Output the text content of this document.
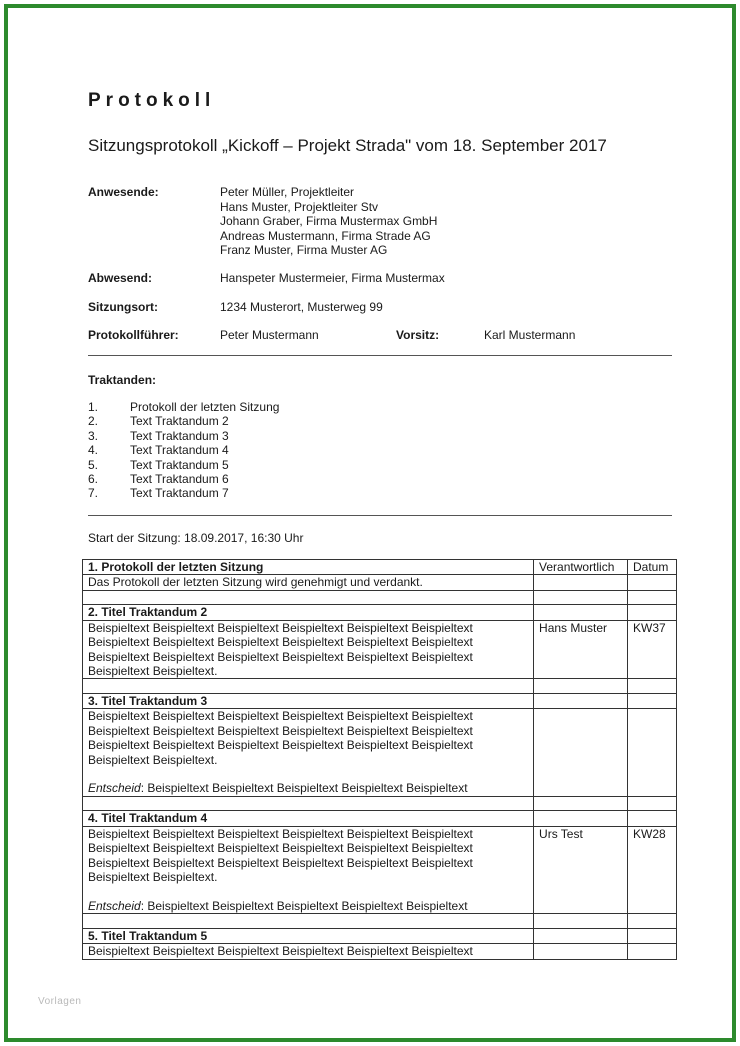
Protokoll
Sitzungsprotokoll „Kickoff – Projekt Strada" vom 18. September 2017
Anwesende:	Peter Müller, Projektleiter
Hans Muster, Projektleiter Stv
Johann Graber, Firma Mustermax GmbH
Andreas Mustermann, Firma Strade AG
Franz Muster, Firma Muster AG
Abwesend:	Hanspeter Mustermeier, Firma Mustermax
Sitzungsort:	1234 Musterort, Musterweg 99
Protokollführer:	Peter Mustermann	Vorsitz:	Karl Mustermann
Traktanden:
1.	Protokoll der letzten Sitzung
2.	Text Traktandum 2
3.	Text Traktandum 3
4.	Text Traktandum 4
5.	Text Traktandum 5
6.	Text Traktandum 6
7.	Text Traktandum 7
Start der Sitzung: 18.09.2017, 16:30 Uhr
1. Protokoll der letzten Sitzung	Verantwortlich	Datum
Das Protokoll der letzten Sitzung wird genehmigt und verdankt.		

2. Titel Traktandum 2		

Beispieltext Beispieltext Beispieltext Beispieltext Beispieltext Beispieltext
Beispieltext Beispieltext Beispieltext Beispieltext Beispieltext Beispieltext
Beispieltext Beispieltext Beispieltext Beispieltext Beispieltext Beispieltext
Beispieltext Beispieltext.	Hans Muster	KW37

3. Titel Traktandum 3		

Beispieltext Beispieltext Beispieltext Beispieltext Beispieltext Beispieltext
Beispieltext Beispieltext Beispieltext Beispieltext Beispieltext Beispieltext
Beispieltext Beispieltext Beispieltext Beispieltext Beispieltext Beispieltext
Beispieltext Beispieltext.
Entscheid: Beispieltext Beispieltext Beispieltext Beispieltext Beispieltext		

4. Titel Traktandum 4		

Beispieltext Beispieltext Beispieltext Beispieltext Beispieltext Beispieltext
Beispieltext Beispieltext Beispieltext Beispieltext Beispieltext Beispieltext
Beispieltext Beispieltext Beispieltext Beispieltext Beispieltext Beispieltext
Beispieltext Beispieltext.
Entscheid: Beispieltext Beispieltext Beispieltext Beispieltext Beispieltext	Urs Test	KW28

5. Titel Traktandum 5		

Beispieltext Beispieltext Beispieltext Beispieltext Beispieltext Beispieltext		

Vorlagen
